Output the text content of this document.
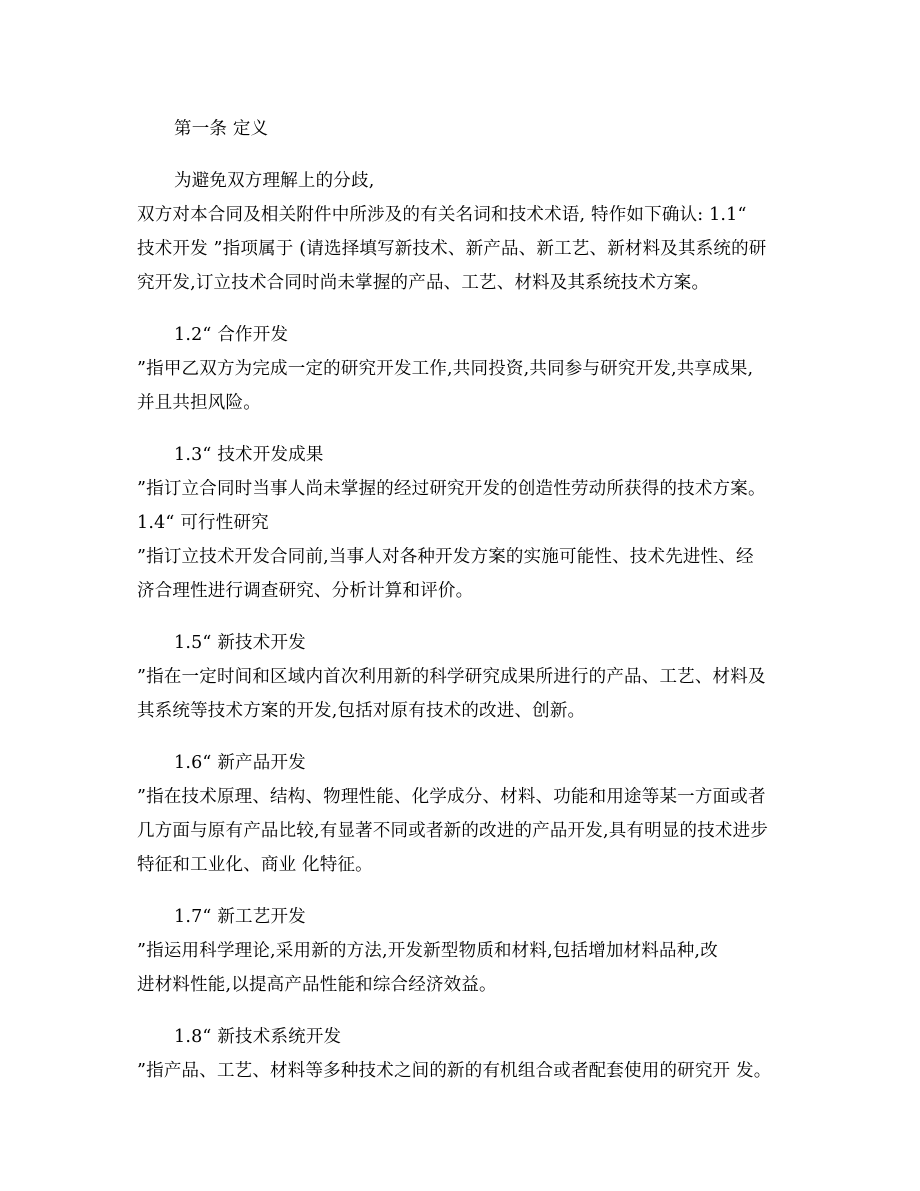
第一条 定义
为避免双方理解上的分歧,
双方对本合同及相关附件中所涉及的有关名词和技术术语, 特作如下确认: 1.1“
技术开发 ”指项属于 (请选择填写新技术、新产品、新工艺、新材料及其系统的研
究开发,订立技术合同时尚未掌握的产品、工艺、材料及其系统技术方案。
1.2“ 合作开发
”指甲乙双方为完成一定的研究开发工作,共同投资,共同参与研究开发,共享成果,
并且共担风险。
1.3“ 技术开发成果
”指订立合同时当事人尚未掌握的经过研究开发的创造性劳动所获得的技术方案。
1.4“ 可行性研究
”指订立技术开发合同前,当事人对各种开发方案的实施可能性、技术先进性、经
济合理性进行调查研究、分析计算和评价。
1.5“ 新技术开发
”指在一定时间和区域内首次利用新的科学研究成果所进行的产品、工艺、材料及
其系统等技术方案的开发,包括对原有技术的改进、创新。
1.6“ 新产品开发
”指在技术原理、结构、物理性能、化学成分、材料、功能和用途等某一方面或者
几方面与原有产品比较,有显著不同或者新的改进的产品开发,具有明显的技术进步
特征和工业化、商业 化特征。
1.7“ 新工艺开发
”指运用科学理论,采用新的方法,开发新型物质和材料,包括增加材料品种,改
进材料性能,以提高产品性能和综合经济效益。
1.8“ 新技术系统开发
”指产品、工艺、材料等多种技术之间的新的有机组合或者配套使用的研究开 发。
